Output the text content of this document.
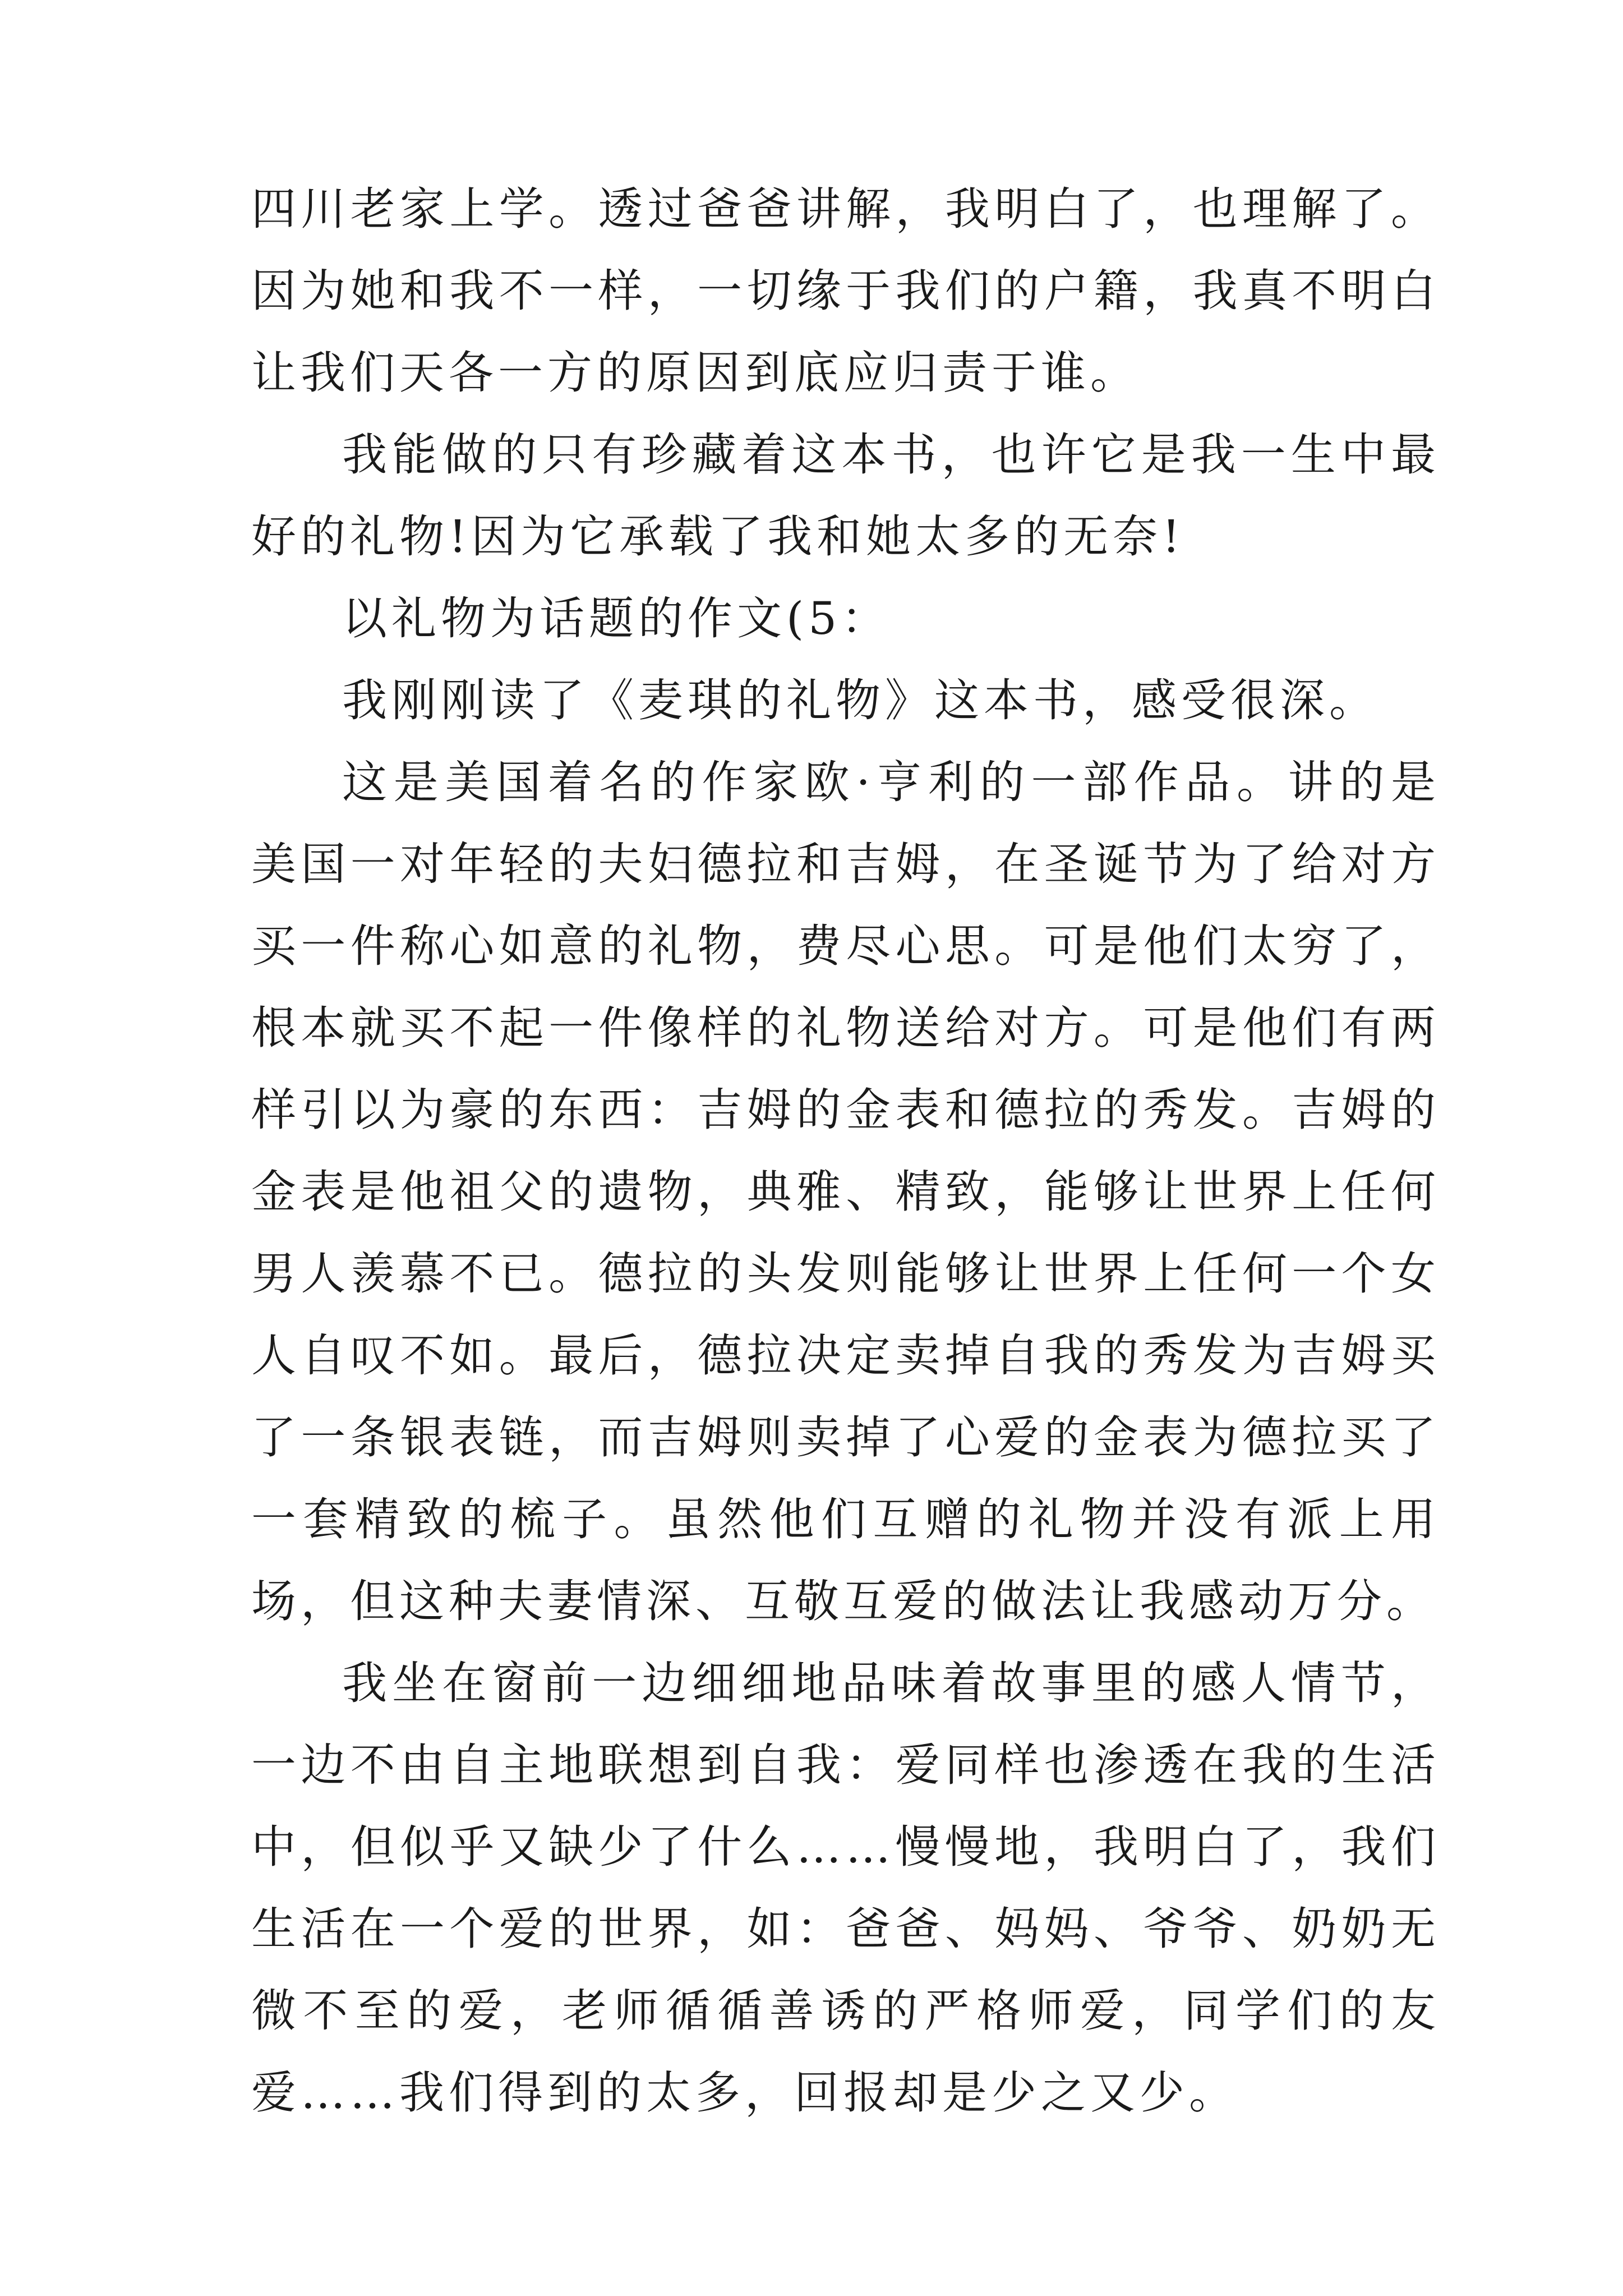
四川老家上学。透过爸爸讲解，我明白了，也理解了。因为她和我不一样，一切缘于我们的户籍，我真不明白让我们天各一方的原因到底应归责于谁。

我能做的只有珍藏着这本书，也许它是我一生中最好的礼物!因为它承载了我和她太多的无奈!

以礼物为话题的作文(5：

我刚刚读了《麦琪的礼物》这本书，感受很深。

这是美国着名的作家欧·亨利的一部作品。讲的是美国一对年轻的夫妇德拉和吉姆，在圣诞节为了给对方买一件称心如意的礼物，费尽心思。可是他们太穷了，根本就买不起一件像样的礼物送给对方。可是他们有两样引以为豪的东西：吉姆的金表和德拉的秀发。吉姆的金表是他祖父的遗物，典雅、精致，能够让世界上任何男人羡慕不已。德拉的头发则能够让世界上任何一个女人自叹不如。最后，德拉决定卖掉自我的秀发为吉姆买了一条银表链，而吉姆则卖掉了心爱的金表为德拉买了一套精致的梳子。虽然他们互赠的礼物并没有派上用场，但这种夫妻情深、互敬互爱的做法让我感动万分。

我坐在窗前一边细细地品味着故事里的感人情节，一边不由自主地联想到自我：爱同样也渗透在我的生活中，但似乎又缺少了什么……慢慢地，我明白了，我们生活在一个爱的世界，如：爸爸、妈妈、爷爷、奶奶无微不至的爱，老师循循善诱的严格师爱，同学们的友爱……我们得到的太多，回报却是少之又少。
